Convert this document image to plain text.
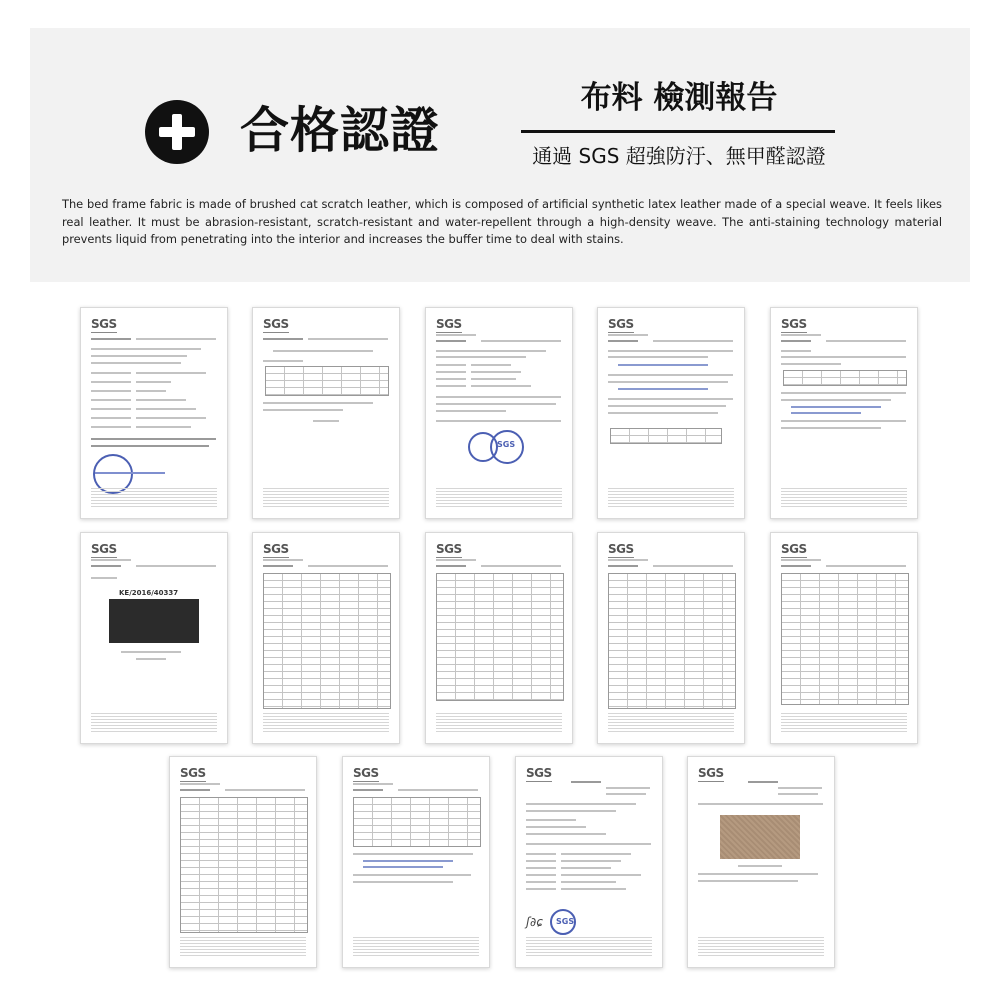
合格認證
布料 檢測報告
通過 SGS 超強防汙、無甲醛認證

The bed frame fabric is made of brushed cat scratch leather, which is composed of artificial synthetic latex leather made of a special weave. It feels likes real leather. It must be abrasion-resistant, scratch-resistant and water-repellent through a high-density weave. The anti-staining technology material prevents liquid from penetrating into the interior and increases the buffer time to deal with stains.

SGS	SGS	SGS
SGS
SGS	SGS
SGS
KE/2016/40337
SGS	SGS	SGS	SGS
SGS	SGS	SGS
ʃ∂ɕ SGS
SGS
